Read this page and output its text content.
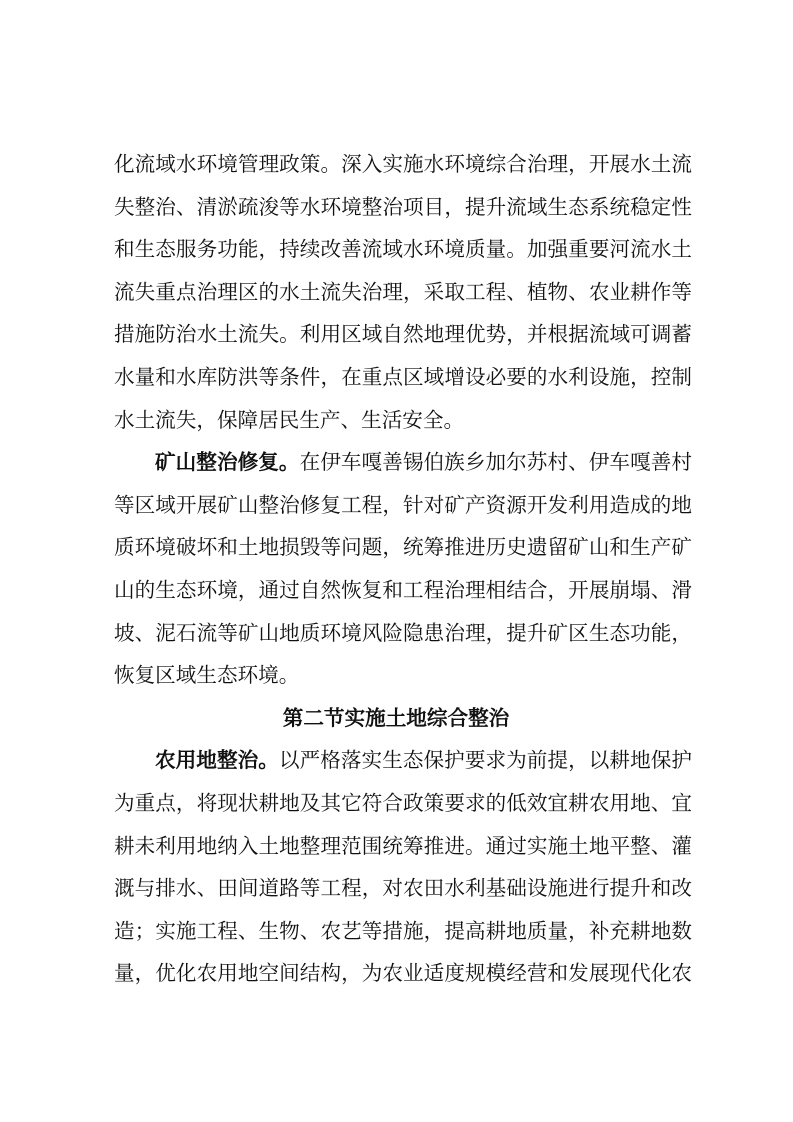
化流域水环境管理政策。深入实施水环境综合治理，开展水土流
失整治、清淤疏浚等水环境整治项目，提升流域生态系统稳定性
和生态服务功能，持续改善流域水环境质量。加强重要河流水土
流失重点治理区的水土流失治理，采取工程、植物、农业耕作等
措施防治水土流失。利用区域自然地理优势，并根据流域可调蓄
水量和水库防洪等条件，在重点区域增设必要的水利设施，控制
水土流失，保障居民生产、生活安全。
矿山整治修复。在伊车嘎善锡伯族乡加尔苏村、伊车嘎善村
等区域开展矿山整治修复工程，针对矿产资源开发利用造成的地
质环境破坏和土地损毁等问题，统筹推进历史遗留矿山和生产矿
山的生态环境，通过自然恢复和工程治理相结合，开展崩塌、滑
坡、泥石流等矿山地质环境风险隐患治理，提升矿区生态功能，
恢复区域生态环境。
第二节实施土地综合整治
农用地整治。以严格落实生态保护要求为前提，以耕地保护
为重点，将现状耕地及其它符合政策要求的低效宜耕农用地、宜
耕未利用地纳入土地整理范围统筹推进。通过实施土地平整、灌
溉与排水、田间道路等工程，对农田水利基础设施进行提升和改
造；实施工程、生物、农艺等措施，提高耕地质量，补充耕地数
量，优化农用地空间结构，为农业适度规模经营和发展现代化农
